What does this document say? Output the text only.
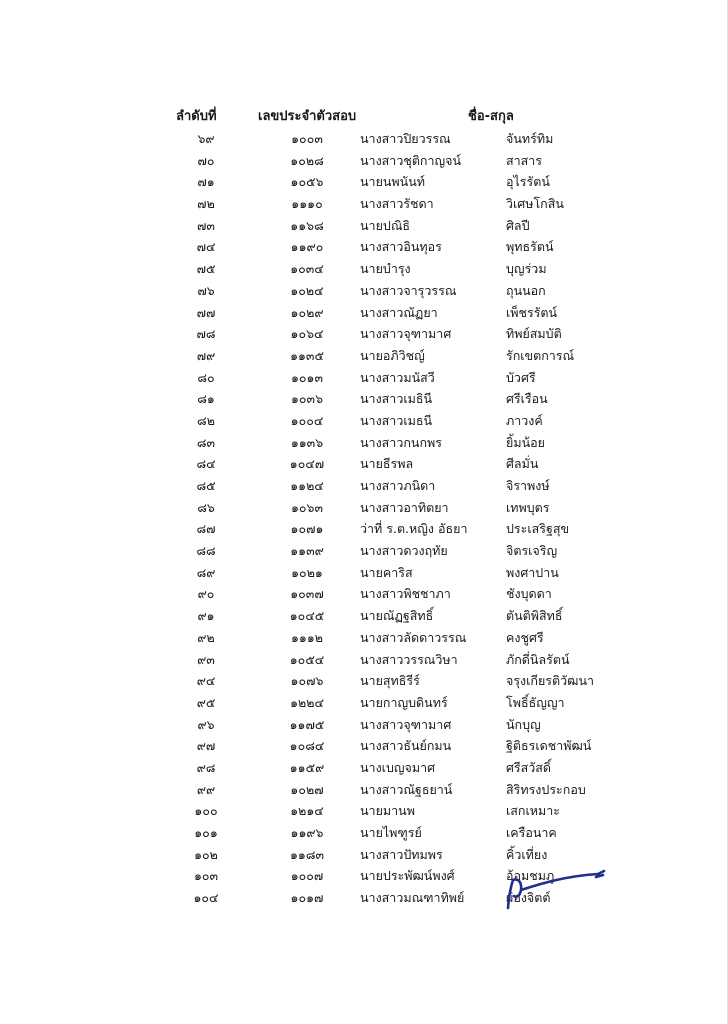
ลำดับที่	เลขประจำตัวสอบ	ชื่อ-สกุล
๖๙	๑๐๐๓	นางสาวปิยวรรณ	จันทร์ทิม
๗๐	๑๐๒๘	นางสาวชุติกาญจน์	สาสาร
๗๑	๑๐๕๖	นายนพนันท์	อุไรรัตน์
๗๒	๑๑๑๐	นางสาวรัชดา	วิเศษโกสิน
๗๓	๑๑๖๘	นายปณิธิ	ศิลปี
๗๔	๑๑๙๐	นางสาวอินทุอร	พุทธรัตน์
๗๕	๑๐๓๔	นายบำรุง	บุญร่วม
๗๖	๑๐๒๔	นางสาวจารุวรรณ	ถุนนอก
๗๗	๑๐๒๙	นางสาวณัฏยา	เพ็ชรรัตน์
๗๘	๑๐๖๔	นางสาวจุฑามาศ	ทิพย์สมบัติ
๗๙	๑๑๓๕	นายอภิวิชญ์	รักเขตการณ์
๘๐	๑๐๑๓	นางสาวมนัสวี	บัวศรี
๘๑	๑๐๓๖	นางสาวเมธินี	ศรีเรือน
๘๒	๑๐๐๔	นางสาวเมธนี	ภาวงค์
๘๓	๑๑๓๖	นางสาวกนกพร	ยิ้มน้อย
๘๔	๑๐๔๗	นายธีรพล	ศีลมั่น
๘๕	๑๑๒๔	นางสาวภนิดา	จิราพงษ์
๘๖	๑๐๖๓	นางสาวอาทิตยา	เทพบุตร
๘๗	๑๐๗๑	ว่าที่ ร.ต.หญิง อัธยา	ประเสริฐสุข
๘๘	๑๑๓๙	นางสาวดวงฤทัย	จิตรเจริญ
๘๙	๑๐๒๑	นายคาริส	พงศาปาน
๙๐	๑๐๓๗	นางสาวพิชชาภา	ชังบุดดา
๙๑	๑๐๔๕	นายณัฏฐสิทธิ์	ตันติพิสิทธิ์
๙๒	๑๑๑๒	นางสาวลัดดาวรรณ	คงชูศรี
๙๓	๑๐๕๔	นางสาววรรณวิษา	ภักดี่นิลรัตน์
๙๔	๑๐๗๖	นายสุทธิรีร์	จรุงเกียรติวัฒนา
๙๕	๑๒๒๔	นายกาญบดินทร์	โพธิ์ธัญญา
๙๖	๑๑๗๕	นางสาวจุฑามาศ	นักบุญ
๙๗	๑๐๘๔	นางสาวธันย์กมน	ฐิติธรเดชาพัฒน์
๙๘	๑๑๕๙	นางเบญจมาศ	ศรีสวัสดิ์
๙๙	๑๐๒๗	นางสาวณัฐธยาน์	สิริทรงประกอบ
๑๐๐	๑๒๑๔	นายมานพ	เสกเหมาะ
๑๐๑	๑๑๙๖	นายไพฑูรย์	เครือนาค
๑๐๒	๑๑๘๓	นางสาวปัทมพร	คิ้วเที่ยง
๑๐๓	๑๐๐๗	นายประพัฒน์พงศ์	อ้อมชมภู
๑๐๔	๑๐๑๗	นางสาวมณฑาทิพย์	ผ่องจิตต์
